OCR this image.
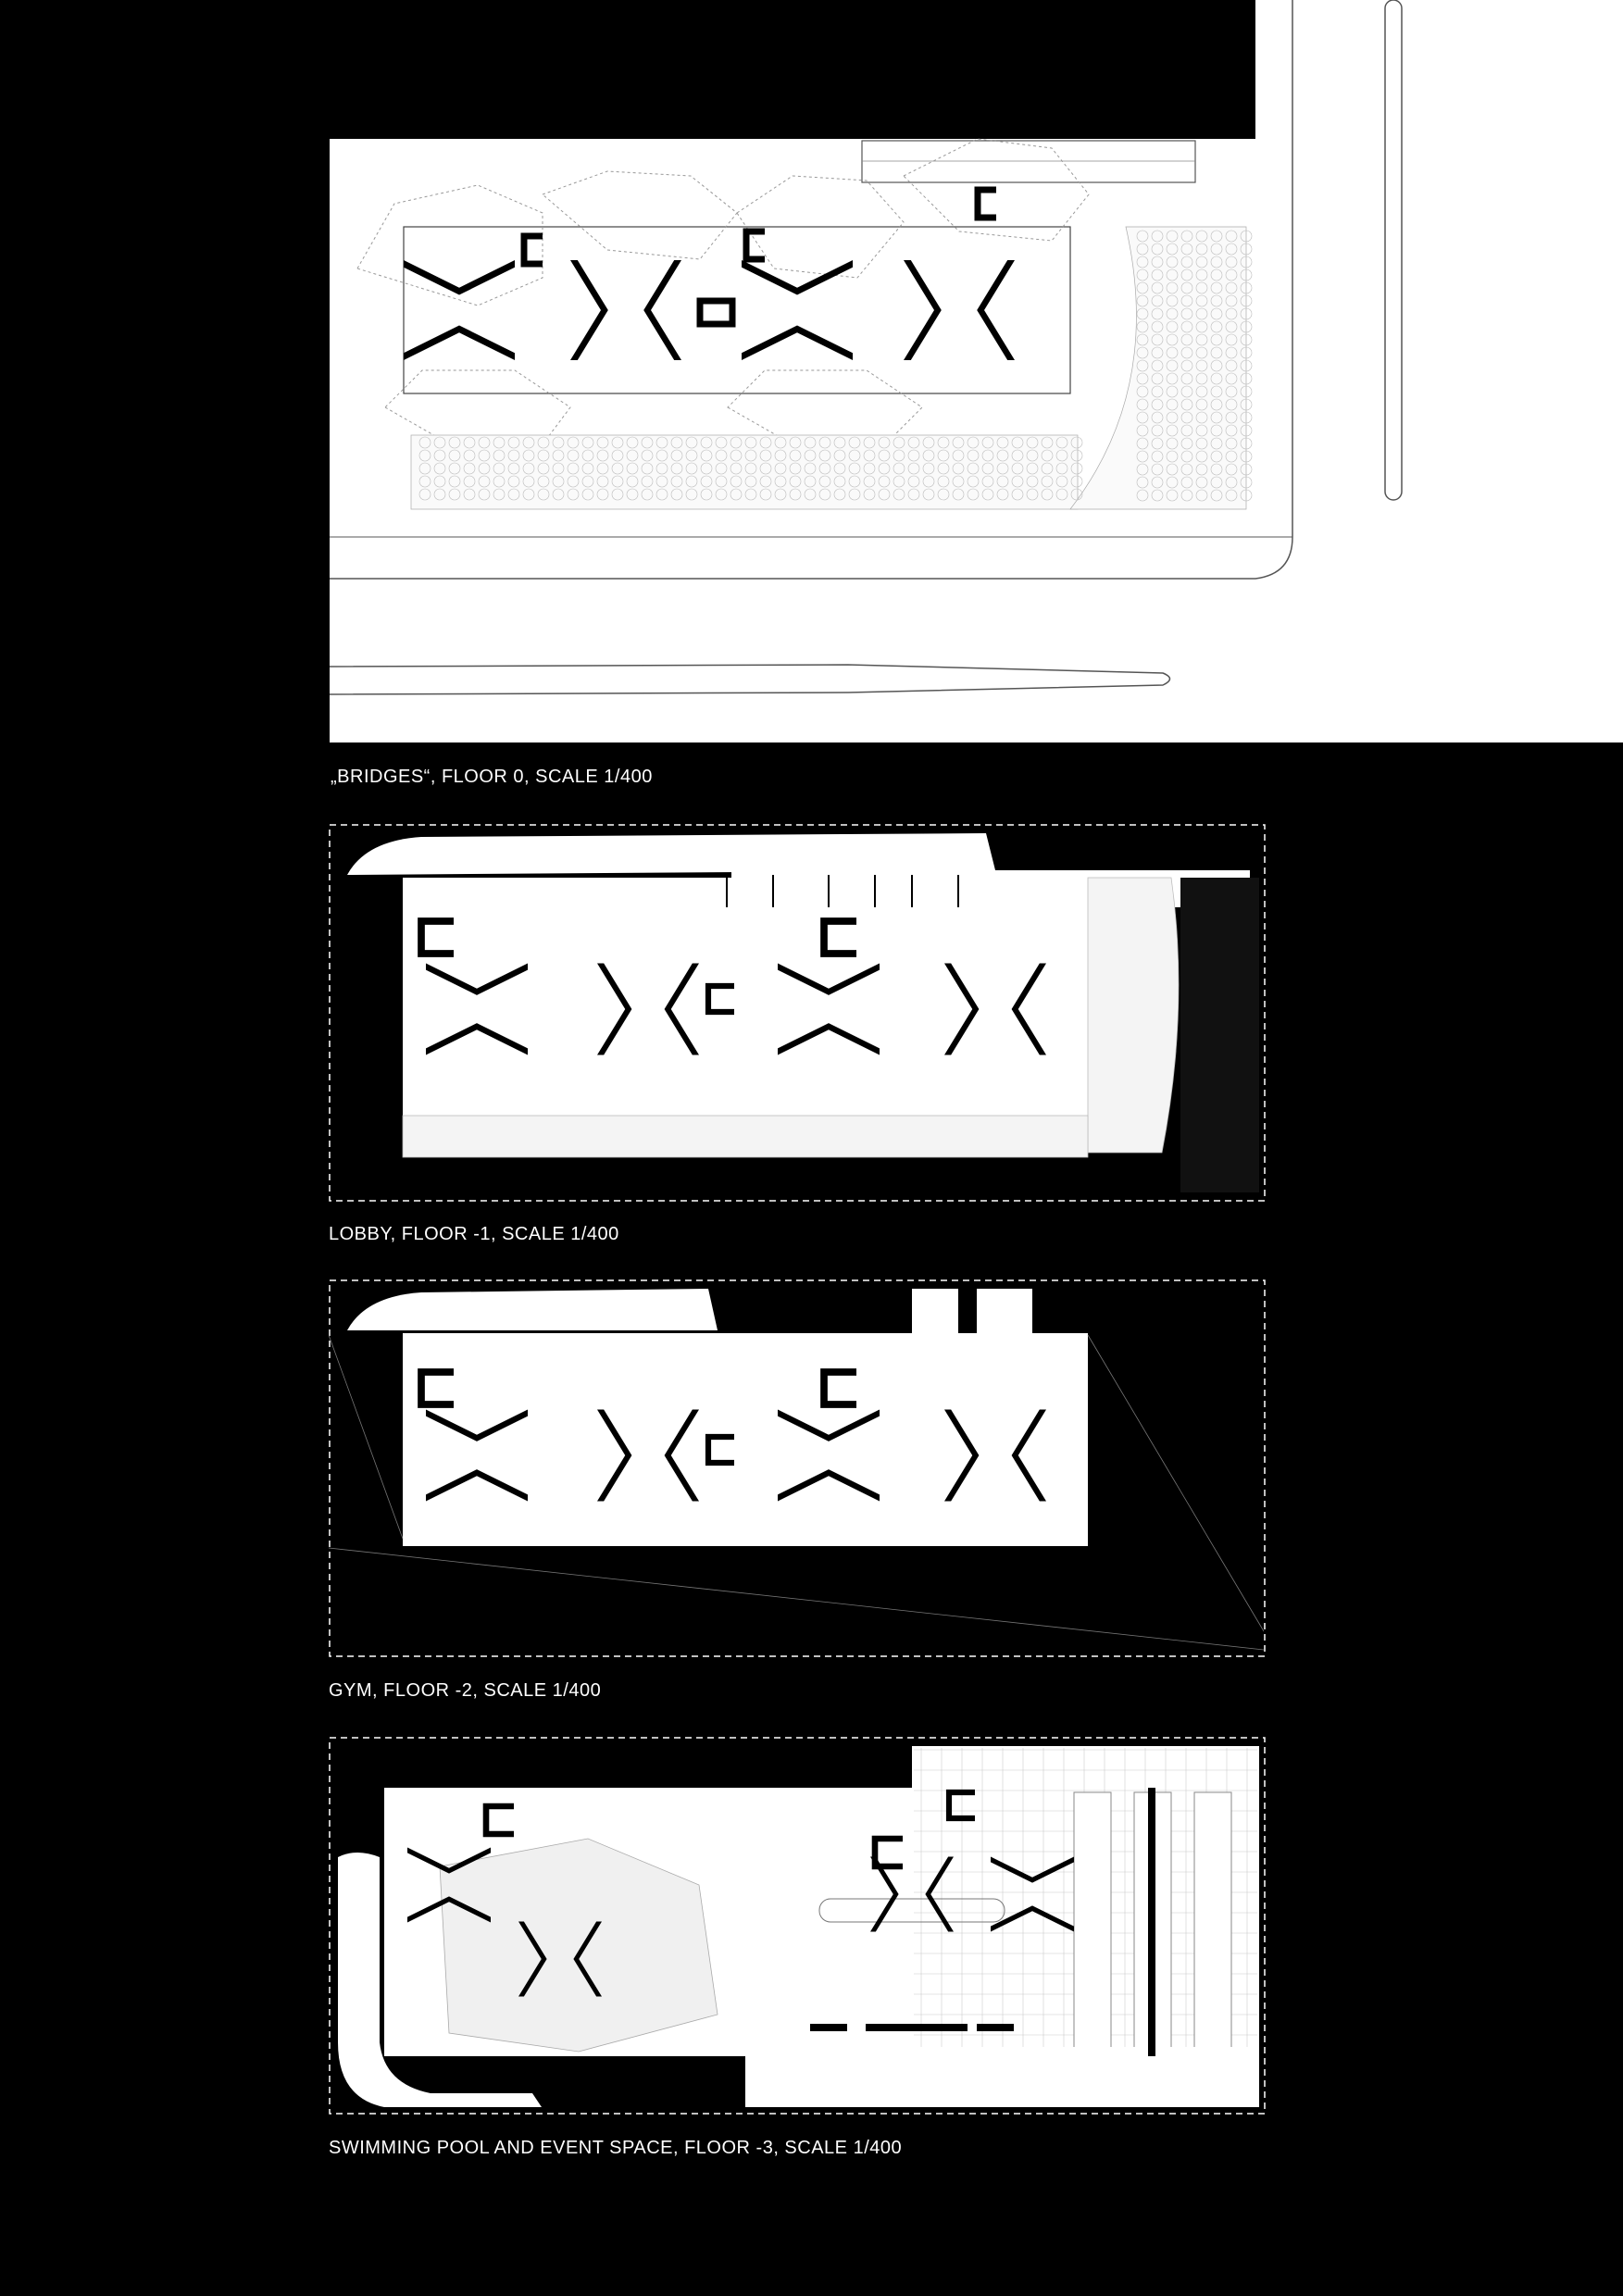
„BRIDGES“, FLOOR 0, SCALE 1/400
LOBBY, FLOOR -1, SCALE 1/400
GYM, FLOOR -2, SCALE 1/400
SWIMMING POOL AND EVENT SPACE, FLOOR -3, SCALE 1/400
